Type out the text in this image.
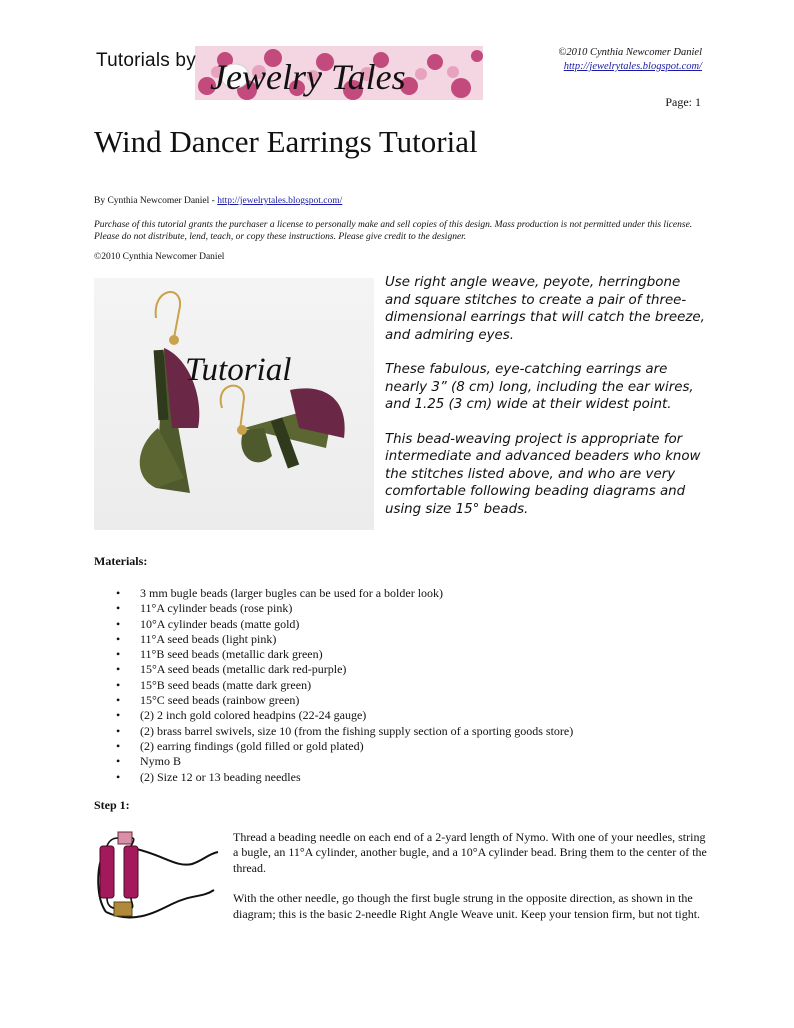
Tutorials by Jewelry Tales
©2010 Cynthia Newcomer Daniel
http://jewelrytales.blogspot.com/
Page: 1
Wind Dancer Earrings Tutorial
By Cynthia Newcomer Daniel - http://jewelrytales.blogspot.com/
Purchase of this tutorial grants the purchaser a license to personally make and sell copies of this design. Mass production is not permitted under this license. Please do not distribute, lend, teach, or copy these instructions. Please give credit to the designer.
©2010 Cynthia Newcomer Daniel
Tutorial

Use right angle weave, peyote, herringbone and square stitches to create a pair of three-dimensional earrings that will catch the breeze, and admiring eyes.

These fabulous, eye-catching earrings are nearly 3” (8 cm) long, including the ear wires, and 1.25 (3 cm) wide at their widest point.

This bead-weaving project is appropriate for intermediate and advanced beaders who know the stitches listed above, and who are very comfortable following beading diagrams and using size 15° beads.

Materials:
• 3 mm bugle beads (larger bugles can be used for a bolder look)
• 11°A cylinder beads (rose pink)
• 10°A cylinder beads (matte gold)
• 11°A seed beads (light pink)
• 11°B seed beads (metallic dark green)
• 15°A seed beads (metallic dark red-purple)
• 15°B seed beads (matte dark green)
• 15°C seed beads (rainbow green)
• (2) 2 inch gold colored headpins (22-24 gauge)
• (2) brass barrel swivels, size 10 (from the fishing supply section of a sporting goods store)
• (2) earring findings (gold filled or gold plated)
• Nymo B
• (2) Size 12 or 13 beading needles
Step 1:

Thread a beading needle on each end of a 2-yard length of Nymo. With one of your needles, string a bugle, an 11°A cylinder, another bugle, and a 10°A cylinder bead. Bring them to the center of the thread.

With the other needle, go though the first bugle strung in the opposite direction, as shown in the diagram; this is the basic 2-needle Right Angle Weave unit. Keep your tension firm, but not tight.
